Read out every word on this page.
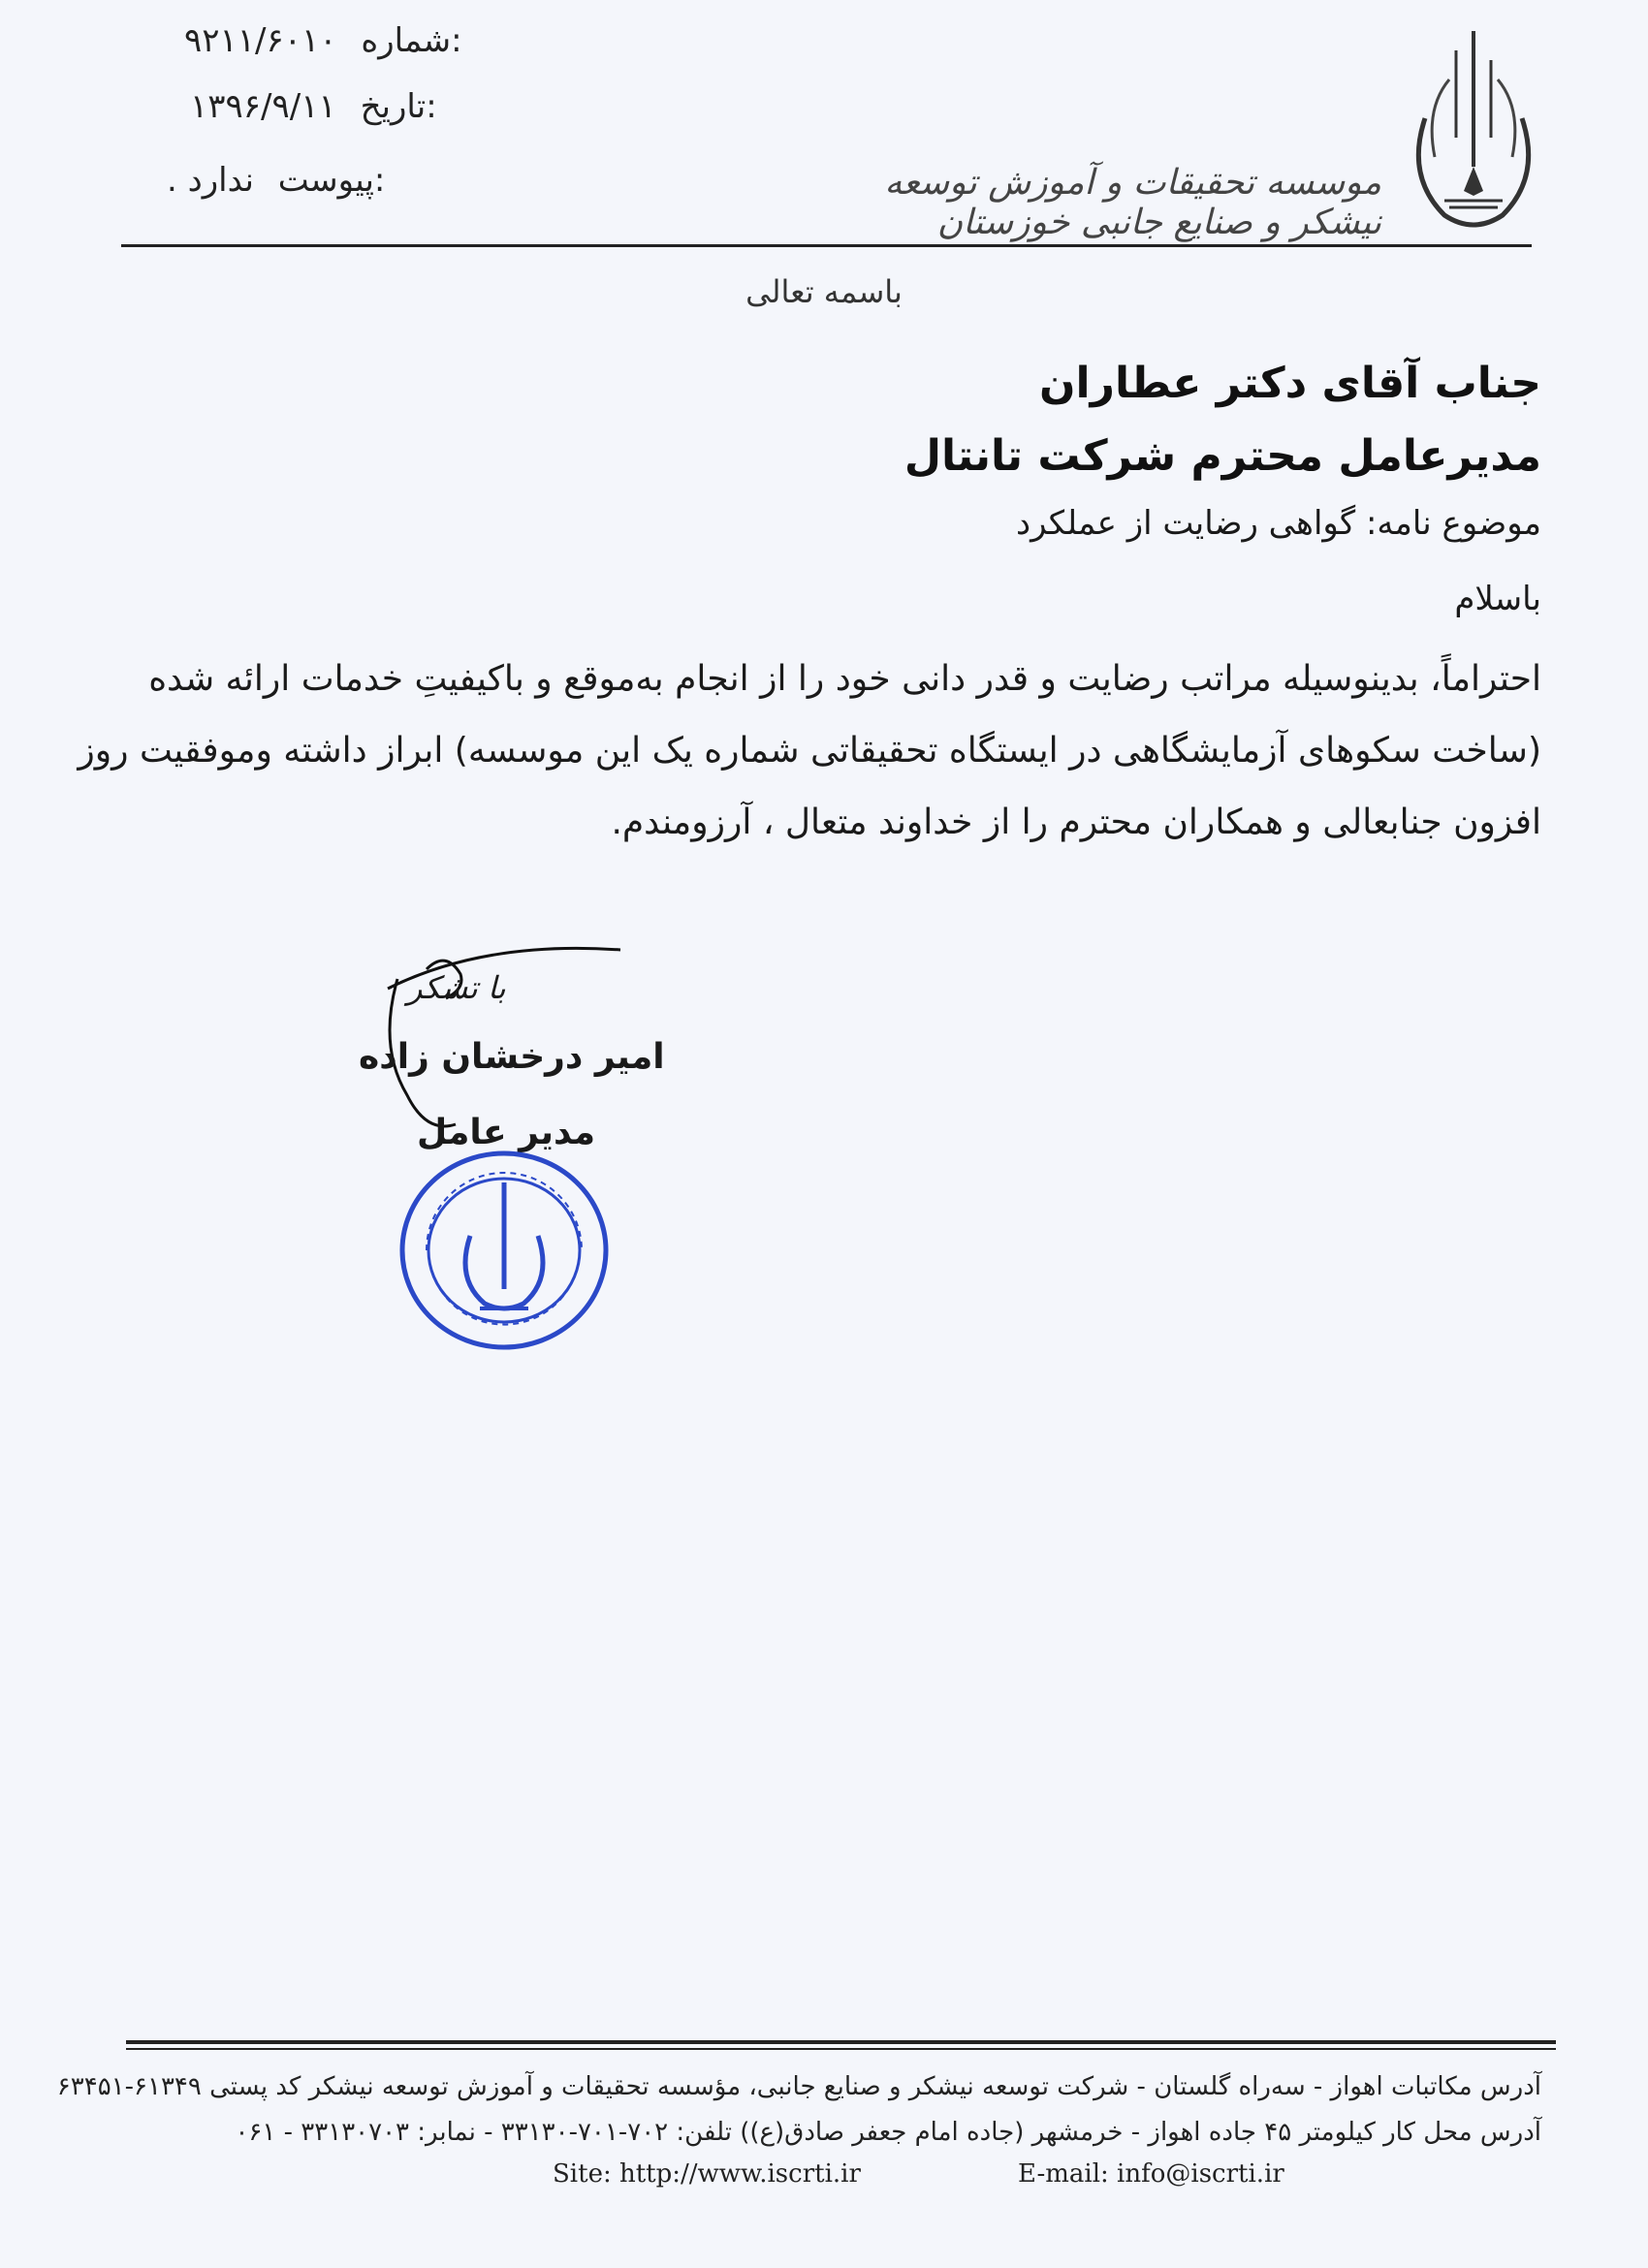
:شماره ۹۲۱۱/۶۰۱۰
:تاریخ ۱۳۹۶/۹/۱۱
:پیوست ندارد .	موسسه تحقیقات و آموزش توسعه نیشکر و صنایع جانبی خوزستان
باسمه تعالی
جناب آقای دکتر عطاران
مدیرعامل محترم شرکت تانتال
موضوع نامه: گواهی رضایت از عملکرد
باسلام
احتراماً، بدینوسیله مراتب رضایت و قدر دانی خود را از انجام به‌موقع و باکیفیتِ خدمات ارائه شده
(ساخت سکوهای آزمایشگاهی در ایستگاه تحقیقاتی شماره یک این موسسه) ابراز داشته وموفقیت روز
افزون جنابعالی و همکاران محترم را از خداوند متعال ، آرزومندم.
با تشکر
امیر درخشان زاده
مدیر عامل
آدرس مکاتبات اهواز - سه‌راه گلستان - شرکت توسعه نیشکر و صنایع جانبی، مؤسسه تحقیقات و آموزش توسعه نیشکر کد پستی ۶۱۳۴۹-۶۳۴۵۱
آدرس محل کار کیلومتر ۴۵ جاده اهواز - خرمشهر (جاده امام جعفر صادق(ع)) تلفن: ۷۰۲-۷۰۱-۳۳۱۳۰ - نمابر: ۳۳۱۳۰۷۰۳ - ۰۶۱
Site: http://www.iscrti.ir	E-mail: info@iscrti.ir
